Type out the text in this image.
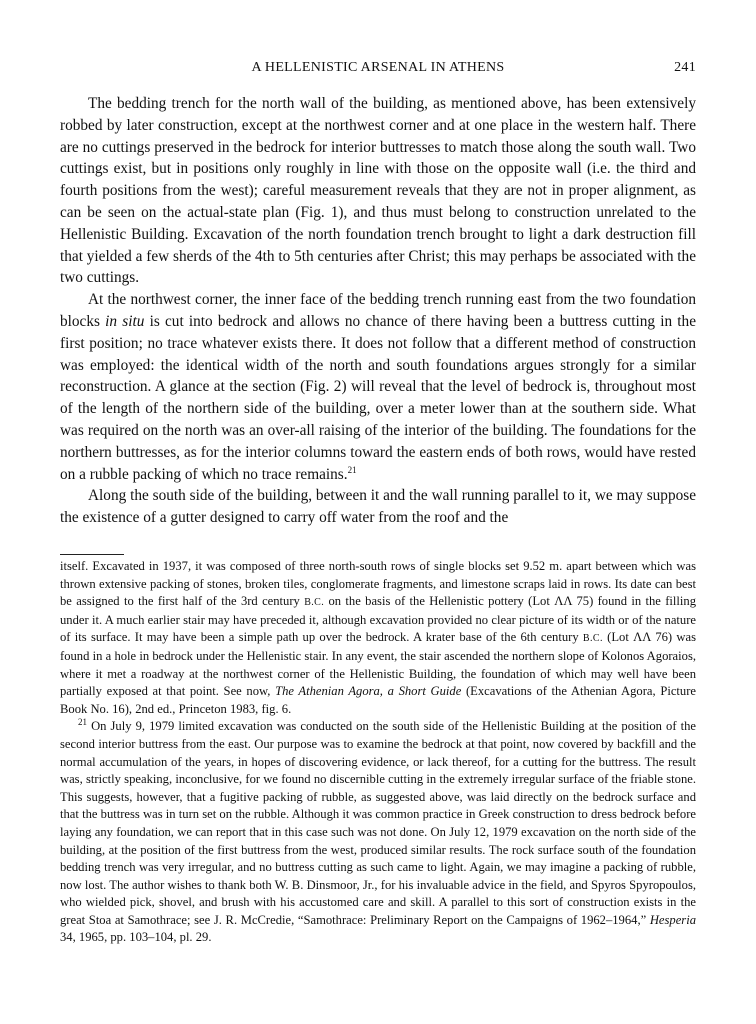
A HELLENISTIC ARSENAL IN ATHENS	241

The bedding trench for the north wall of the building, as mentioned above, has been extensively robbed by later construction, except at the northwest corner and at one place in the western half. There are no cuttings preserved in the bedrock for interior buttresses to match those along the south wall. Two cuttings exist, but in positions only roughly in line with those on the opposite wall (i.e. the third and fourth positions from the west); careful measurement reveals that they are not in proper alignment, as can be seen on the actual-state plan (Fig. 1), and thus must belong to construction unrelated to the Hellenistic Building. Excavation of the north foundation trench brought to light a dark destruction fill that yielded a few sherds of the 4th to 5th centuries after Christ; this may perhaps be associated with the two cuttings.

At the northwest corner, the inner face of the bedding trench running east from the two foundation blocks in situ is cut into bedrock and allows no chance of there having been a buttress cutting in the first position; no trace whatever exists there. It does not follow that a different method of construction was employed: the identical width of the north and south foundations argues strongly for a similar reconstruction. A glance at the section (Fig. 2) will reveal that the level of bedrock is, throughout most of the length of the northern side of the building, over a meter lower than at the southern side. What was required on the north was an over-all raising of the interior of the building. The foundations for the northern buttresses, as for the interior columns toward the eastern ends of both rows, would have rested on a rubble packing of which no trace remains.$^{21}$

Along the south side of the building, between it and the wall running parallel to it, we may suppose the existence of a gutter designed to carry off water from the roof and the

itself. Excavated in 1937, it was composed of three north-south rows of single blocks set 9.52 m. apart between which was thrown extensive packing of stones, broken tiles, conglomerate fragments, and limestone scraps laid in rows. Its date can best be assigned to the first half of the 3rd century B.C. on the basis of the Hellenistic pottery (Lot ΛΛ 75) found in the filling under it. A much earlier stair may have preceded it, although excavation provided no clear picture of its width or of the nature of its surface. It may have been a simple path up over the bedrock. A krater base of the 6th century B.C. (Lot ΛΛ 76) was found in a hole in bedrock under the Hellenistic stair. In any event, the stair ascended the northern slope of Kolonos Agoraios, where it met a roadway at the northwest corner of the Hellenistic Building, the foundation of which may well have been partially exposed at that point. See now, The Athenian Agora, a Short Guide (Excavations of the Athenian Agora, Picture Book No. 16), 2nd ed., Princeton 1983, fig. 6.

$^{21}$ On July 9, 1979 limited excavation was conducted on the south side of the Hellenistic Building at the position of the second interior buttress from the east. Our purpose was to examine the bedrock at that point, now covered by backfill and the normal accumulation of the years, in hopes of discovering evidence, or lack thereof, for a cutting for the buttress. The result was, strictly speaking, inconclusive, for we found no discernible cutting in the extremely irregular surface of the friable stone. This suggests, however, that a fugitive packing of rubble, as suggested above, was laid directly on the bedrock surface and that the buttress was in turn set on the rubble. Although it was common practice in Greek construction to dress bedrock before laying any foundation, we can report that in this case such was not done. On July 12, 1979 excavation on the north side of the building, at the position of the first buttress from the west, produced similar results. The rock surface south of the foundation bedding trench was very irregular, and no buttress cutting as such came to light. Again, we may imagine a packing of rubble, now lost. The author wishes to thank both W. B. Dinsmoor, Jr., for his invaluable advice in the field, and Spyros Spyropoulos, who wielded pick, shovel, and brush with his accustomed care and skill. A parallel to this sort of construction exists in the great Stoa at Samothrace; see J. R. McCredie, “Samothrace: Preliminary Report on the Campaigns of 1962–1964,” Hesperia 34, 1965, pp. 103–104, pl. 29.
